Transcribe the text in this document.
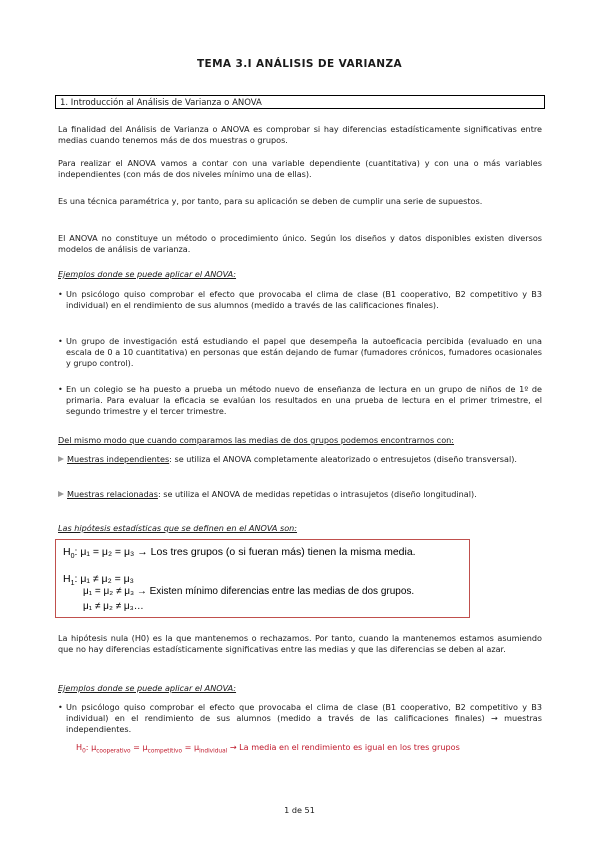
TEMA 3.I ANÁLISIS DE VARIANZA
1. Introducción al Análisis de Varianza o ANOVA

La finalidad del Análisis de Varianza o ANOVA es comprobar si hay diferencias estadísticamente significativas entre medias cuando tenemos más de dos muestras o grupos.

Para realizar el ANOVA vamos a contar con una variable dependiente (cuantitativa) y con una o más variables independientes (con más de dos niveles mínimo una de ellas).

Es una técnica paramétrica y, por tanto, para su aplicación se deben de cumplir una serie de supuestos.

El ANOVA no constituye un método o procedimiento único. Según los diseños y datos disponibles existen diversos modelos de análisis de varianza.

Ejemplos donde se puede aplicar el ANOVA:

• Un psicólogo quiso comprobar el efecto que provocaba el clima de clase (B1 cooperativo, B2 competitivo y B3 individual) en el rendimiento de sus alumnos (medido a través de las calificaciones finales).
• Un grupo de investigación está estudiando el papel que desempeña la autoeficacia percibida (evaluado en una escala de 0 a 10 cuantitativa) en personas que están dejando de fumar (fumadores crónicos, fumadores ocasionales y grupo control).
• En un colegio se ha puesto a prueba un método nuevo de enseñanza de lectura en un grupo de niños de 1º de primaria. Para evaluar la eficacia se evalúan los resultados en una prueba de lectura en el primer trimestre, el segundo trimestre y el tercer trimestre.

Del mismo modo que cuando comparamos las medias de dos grupos podemos encontrarnos con:

Muestras independientes: se utiliza el ANOVA completamente aleatorizado o entresujetos (diseño transversal).
Muestras relacionadas: se utiliza el ANOVA de medidas repetidas o intrasujetos (diseño longitudinal).

Las hipótesis estadísticas que se definen en el ANOVA son:

$H_0$: μ₁ = μ₂ = μ₃ → Los tres grupos (o si fueran más) tienen la misma media.
$H_1$: μ₁ ≠ μ₂ = μ₃
μ₁ = μ₂ ≠ μ₃ → Existen mínimo diferencias entre las medias de dos grupos.
μ₁ ≠ μ₂ ≠ μ₃…

La hipótesis nula (H0) es la que mantenemos o rechazamos. Por tanto, cuando la mantenemos estamos asumiendo que no hay diferencias estadísticamente significativas entre las medias y que las diferencias se deben al azar.

Ejemplos donde se puede aplicar el ANOVA:

• Un psicólogo quiso comprobar el efecto que provocaba el clima de clase (B1 cooperativo, B2 competitivo y B3 individual) en el rendimiento de sus alumnos (medido a través de las calificaciones finales) → muestras independientes.
$H_0$: $\mu_{cooperativo} = \mu_{competitivo} = \mu_{individual} \to La$ media en el rendimiento es igual en los tres grupos
1 de 51
